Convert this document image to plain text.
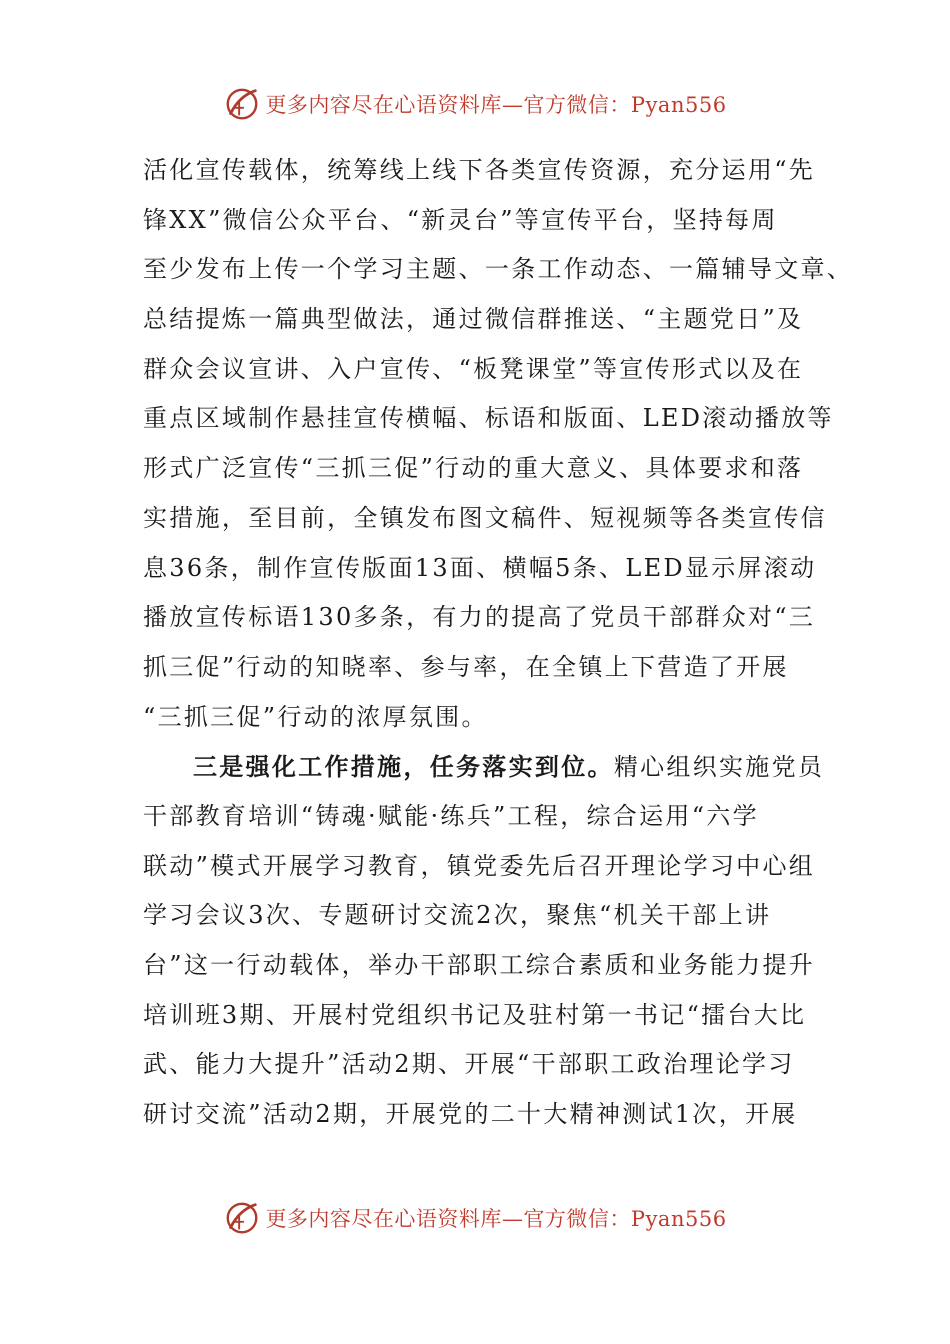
更多内容尽在心语资料库—官方微信：Pyan556
活化宣传载体，统筹线上线下各类宣传资源，充分运用“先
锋XX”微信公众平台、“新灵台”等宣传平台，坚持每周
至少发布上传一个学习主题、一条工作动态、一篇辅导文章、
总结提炼一篇典型做法，通过微信群推送、“主题党日”及
群众会议宣讲、入户宣传、“板凳课堂”等宣传形式以及在
重点区域制作悬挂宣传横幅、标语和版面、LED滚动播放等
形式广泛宣传“三抓三促”行动的重大意义、具体要求和落
实措施，至目前，全镇发布图文稿件、短视频等各类宣传信
息36条，制作宣传版面13面、横幅5条、LED显示屏滚动
播放宣传标语130多条，有力的提高了党员干部群众对“三
抓三促”行动的知晓率、参与率，在全镇上下营造了开展
“三抓三促”行动的浓厚氛围。
三是强化工作措施，任务落实到位。精心组织实施党员
干部教育培训“铸魂·赋能·练兵”工程，综合运用“六学
联动”模式开展学习教育，镇党委先后召开理论学习中心组
学习会议3次、专题研讨交流2次，聚焦“机关干部上讲
台”这一行动载体，举办干部职工综合素质和业务能力提升
培训班3期、开展村党组织书记及驻村第一书记“擂台大比
武、能力大提升”活动2期、开展“干部职工政治理论学习
研讨交流”活动2期，开展党的二十大精神测试1次，开展
更多内容尽在心语资料库—官方微信：Pyan556
